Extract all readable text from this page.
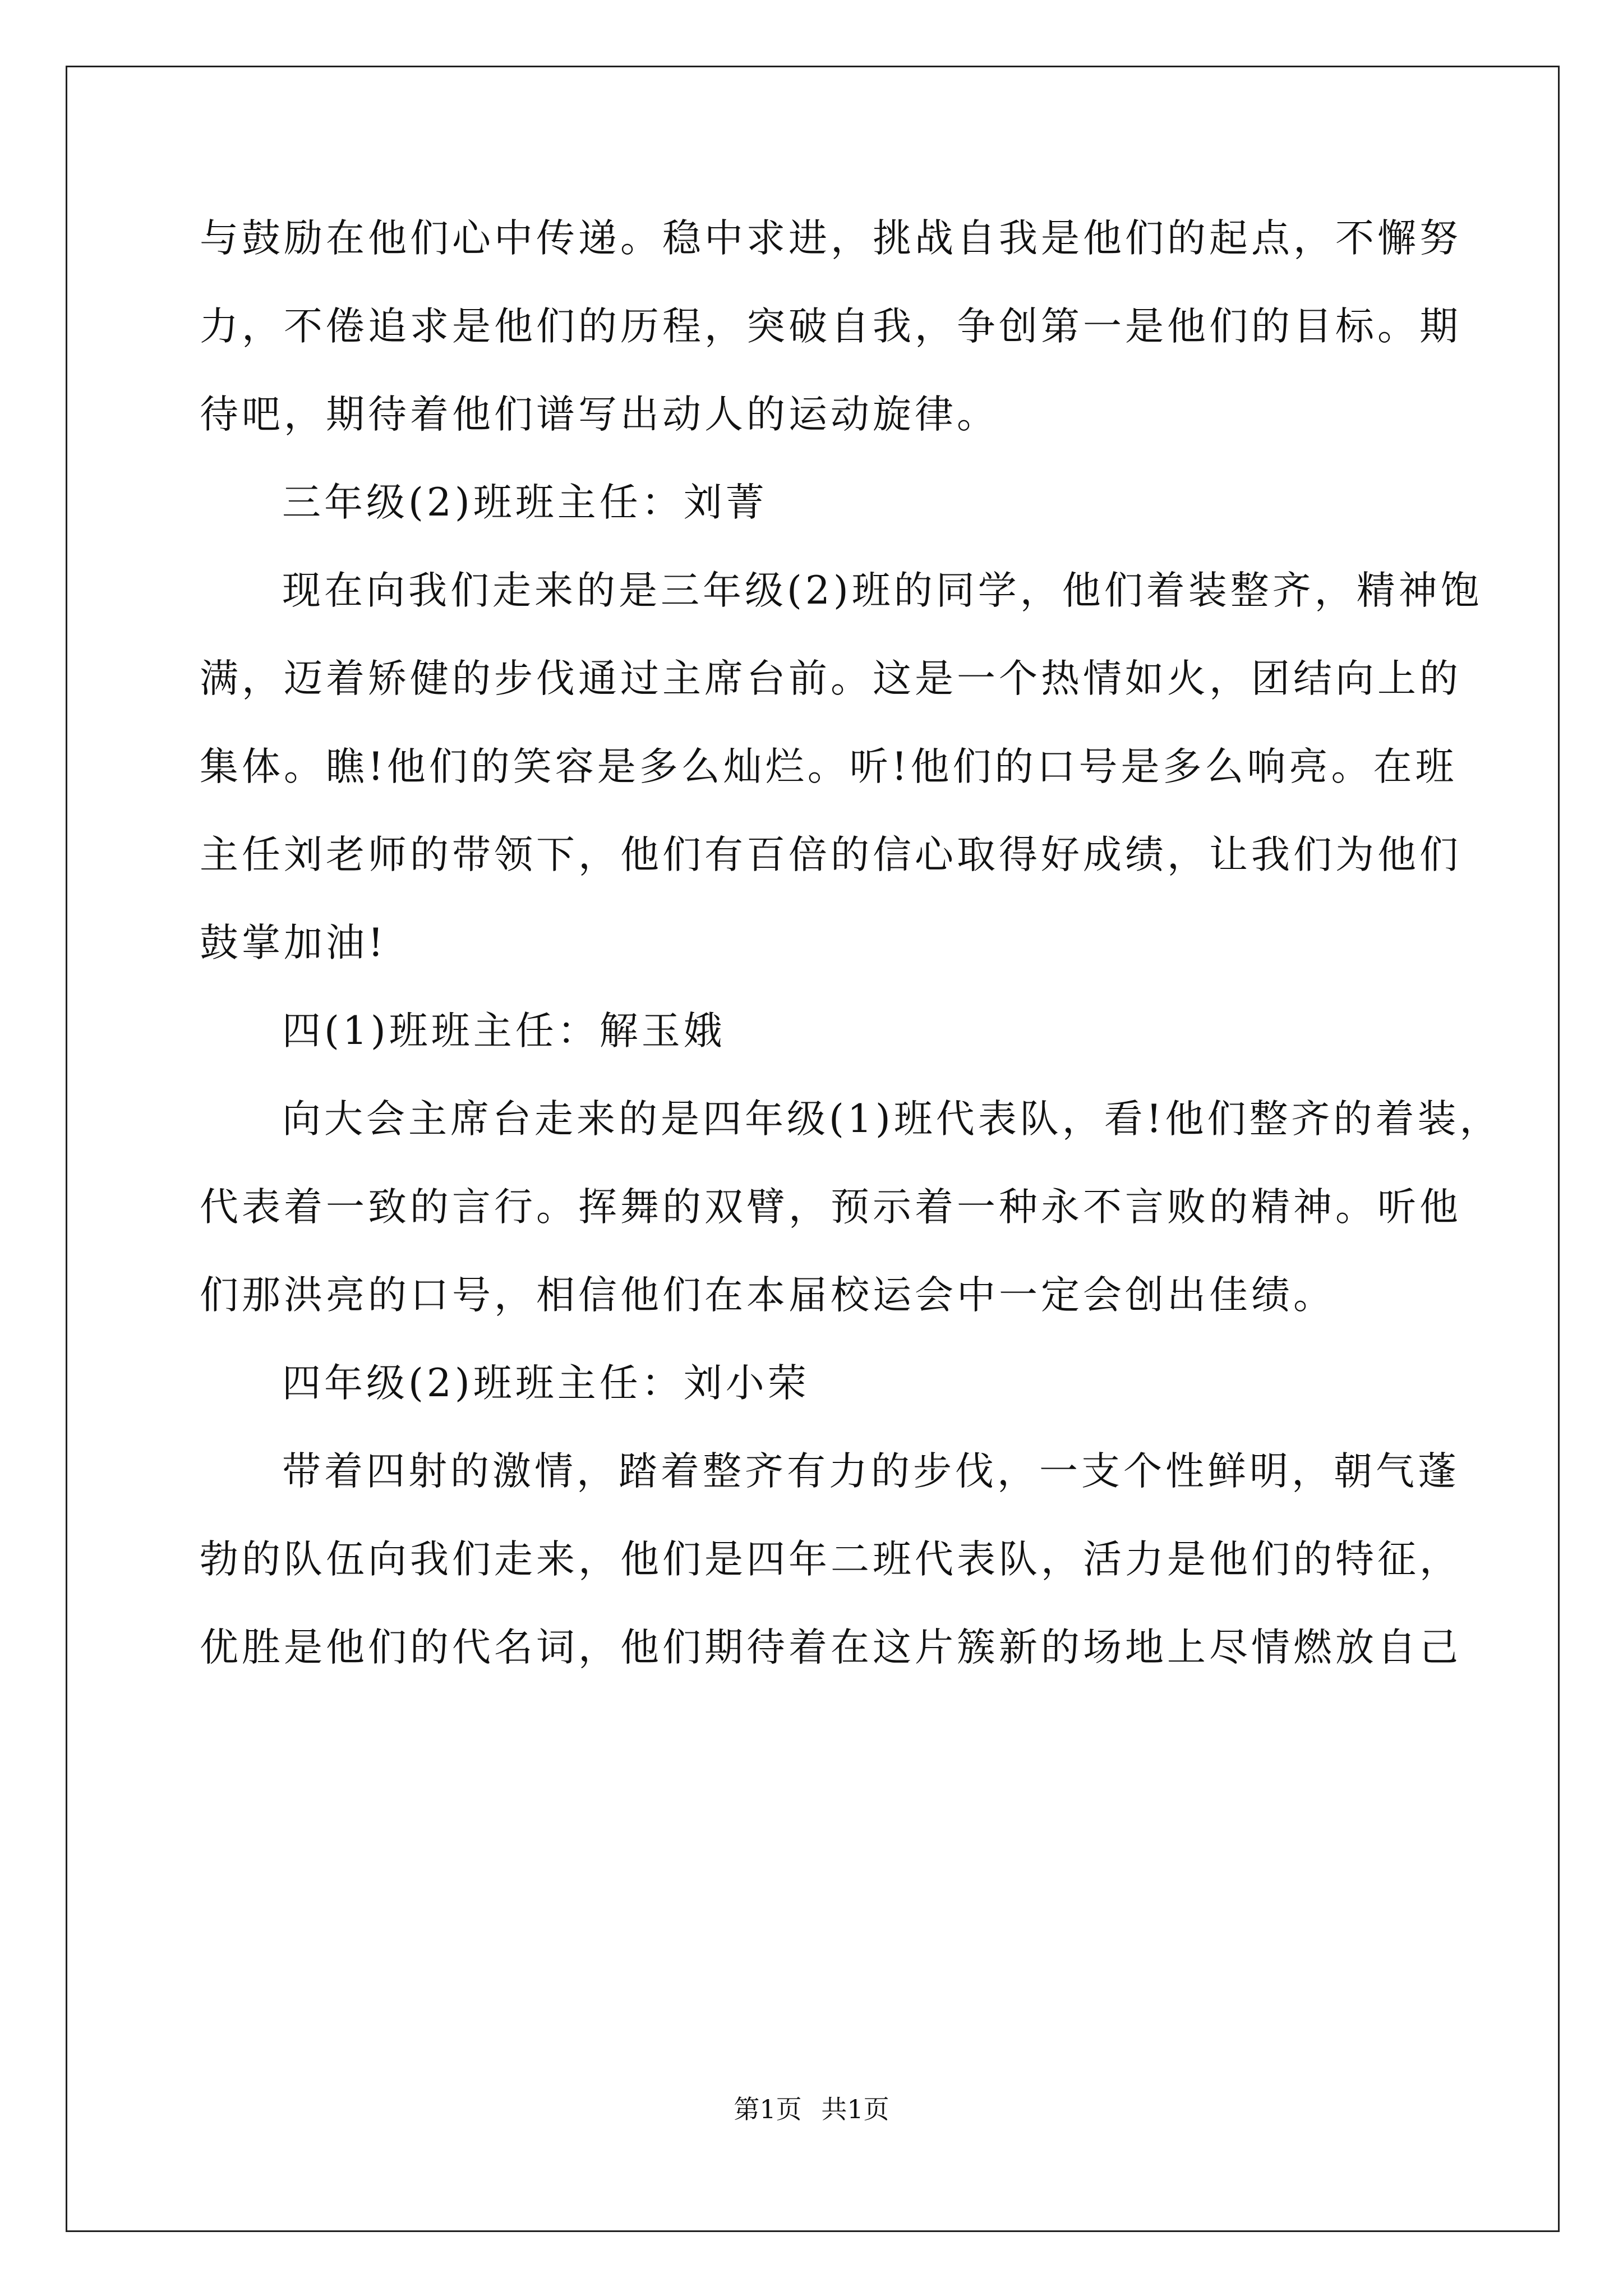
与鼓励在他们心中传递。稳中求进，挑战自我是他们的起点，不懈努
力，不倦追求是他们的历程，突破自我，争创第一是他们的目标。期
待吧，期待着他们谱写出动人的运动旋律。
三年级(2)班班主任：刘菁
现在向我们走来的是三年级(2)班的同学，他们着装整齐，精神饱
满，迈着矫健的步伐通过主席台前。这是一个热情如火，团结向上的
集体。瞧!他们的笑容是多么灿烂。听!他们的口号是多么响亮。在班
主任刘老师的带领下，他们有百倍的信心取得好成绩，让我们为他们
鼓掌加油!
四(1)班班主任：解玉娥
向大会主席台走来的是四年级(1)班代表队，看!他们整齐的着装，
代表着一致的言行。挥舞的双臂，预示着一种永不言败的精神。听他
们那洪亮的口号，相信他们在本届校运会中一定会创出佳绩。
四年级(2)班班主任：刘小荣
带着四射的激情，踏着整齐有力的步伐，一支个性鲜明，朝气蓬
勃的队伍向我们走来，他们是四年二班代表队，活力是他们的特征，
优胜是他们的代名词，他们期待着在这片簇新的场地上尽情燃放自己
第1页 共1页
